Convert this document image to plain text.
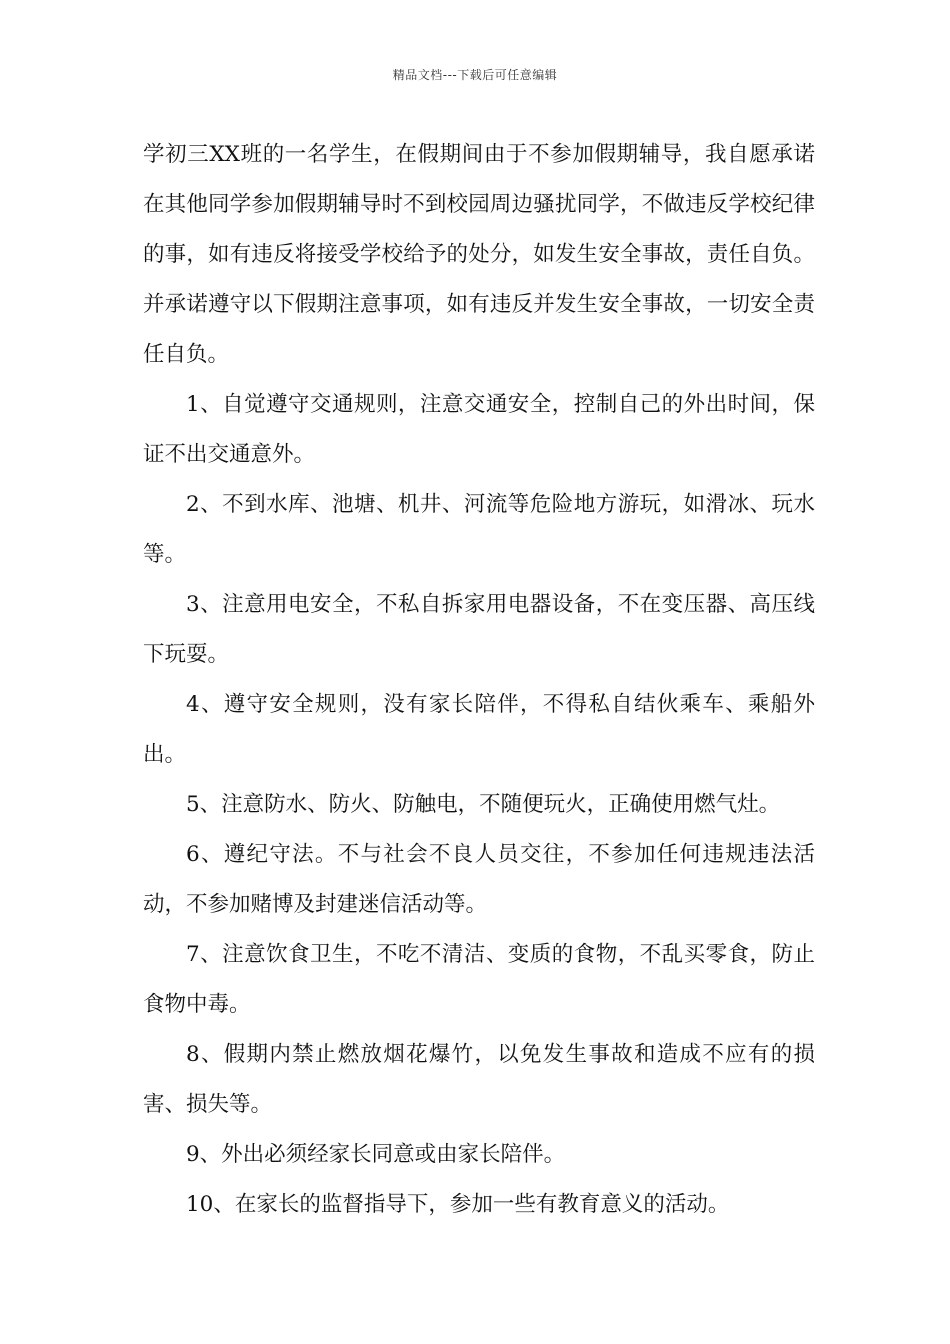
精品文档---下载后可任意编辑

学初三XX班的一名学生，在假期间由于不参加假期辅导，我自愿承诺在其他同学参加假期辅导时不到校园周边骚扰同学，不做违反学校纪律的事，如有违反将接受学校给予的处分，如发生安全事故，责任自负。并承诺遵守以下假期注意事项，如有违反并发生安全事故，一切安全责任自负。

1、自觉遵守交通规则，注意交通安全，控制自己的外出时间，保证不出交通意外。

2、不到水库、池塘、机井、河流等危险地方游玩，如滑冰、玩水等。

3、注意用电安全，不私自拆家用电器设备，不在变压器、高压线下玩耍。

4、遵守安全规则，没有家长陪伴，不得私自结伙乘车、乘船外出。

5、注意防水、防火、防触电，不随便玩火，正确使用燃气灶。

6、遵纪守法。不与社会不良人员交往，不参加任何违规违法活动，不参加赌博及封建迷信活动等。

7、注意饮食卫生，不吃不清洁、变质的食物，不乱买零食，防止食物中毒。

8、假期内禁止燃放烟花爆竹，以免发生事故和造成不应有的损害、损失等。

9、外出必须经家长同意或由家长陪伴。

10、在家长的监督指导下，参加一些有教育意义的活动。
